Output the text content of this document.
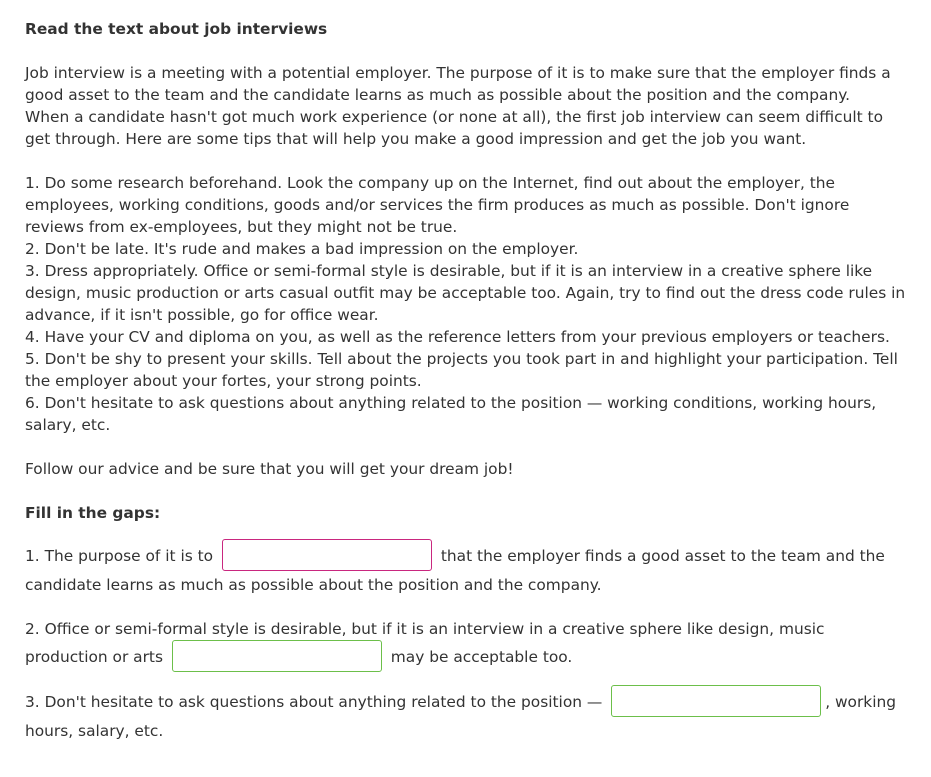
Read the text about job interviews

Job interview is a meeting with a potential employer. The purpose of it is to make sure that the employer finds a good asset to the team and the candidate learns as much as possible about the position and the company.

When a candidate hasn't got much work experience (or none at all), the first job interview can seem difficult to get through. Here are some tips that will help you make a good impression and get the job you want.

1. Do some research beforehand. Look the company up on the Internet, find out about the employer, the employees, working conditions, goods and/or services the firm produces as much as possible. Don't ignore reviews from ex-employees, but they might not be true.

2. Don't be late. It's rude and makes a bad impression on the employer.

3. Dress appropriately. Office or semi-formal style is desirable, but if it is an interview in a creative sphere like design, music production or arts casual outfit may be acceptable too. Again, try to find out the dress code rules in advance, if it isn't possible, go for office wear.

4. Have your CV and diploma on you, as well as the reference letters from your previous employers or teachers.

5. Don't be shy to present your skills. Tell about the projects you took part in and highlight your participation. Tell the employer about your fortes, your strong points.

6. Don't hesitate to ask questions about anything related to the position — working conditions, working hours, salary, etc.

Follow our advice and be sure that you will get your dream job!

Fill in the gaps:

1. The purpose of it is to	that the employer finds a good asset to the team and the candidate learns as much as possible about the position and the company.

2. Office or semi-formal style is desirable, but if it is an interview in a creative sphere like design, music production or arts	may be acceptable too.

3. Don't hesitate to ask questions about anything related to the position —	, working hours, salary, etc.
